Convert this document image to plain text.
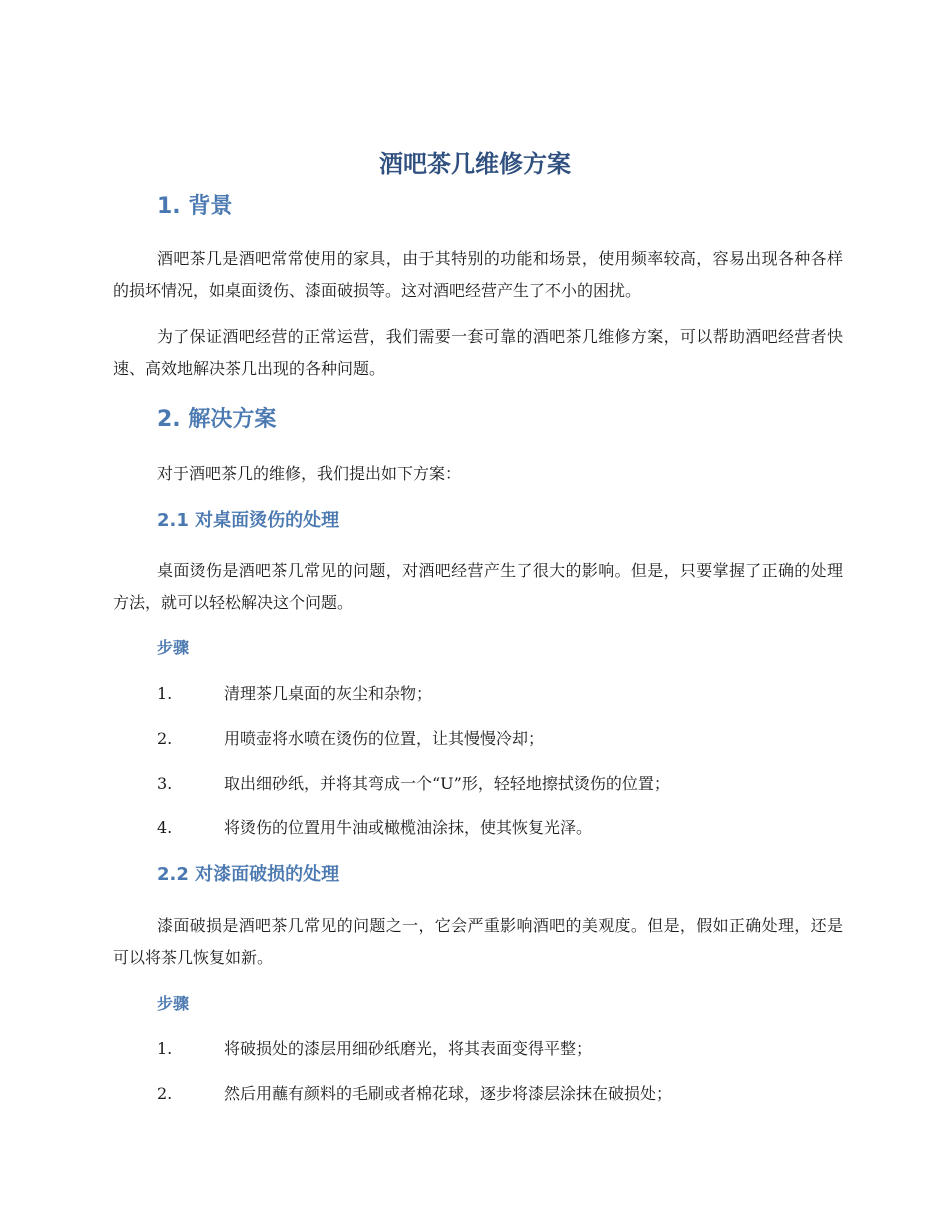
酒吧茶几维修方案
1. 背景
酒吧茶几是酒吧常常使用的家具，由于其特别的功能和场景，使用频率较高，容易出现各种各样的损坏情况，如桌面烫伤、漆面破损等。这对酒吧经营产生了不小的困扰。
为了保证酒吧经营的正常运营，我们需要一套可靠的酒吧茶几维修方案，可以帮助酒吧经营者快速、高效地解决茶几出现的各种问题。
2. 解决方案
对于酒吧茶几的维修，我们提出如下方案：
2.1 对桌面烫伤的处理
桌面烫伤是酒吧茶几常见的问题，对酒吧经营产生了很大的影响。但是，只要掌握了正确的处理方法，就可以轻松解决这个问题。
步骤
1.	清理茶几桌面的灰尘和杂物；
2.	用喷壶将水喷在烫伤的位置，让其慢慢冷却；
3.	取出细砂纸，并将其弯成一个“U”形，轻轻地擦拭烫伤的位置；
4.	将烫伤的位置用牛油或橄榄油涂抹，使其恢复光泽。
2.2 对漆面破损的处理
漆面破损是酒吧茶几常见的问题之一，它会严重影响酒吧的美观度。但是，假如正确处理，还是可以将茶几恢复如新。
步骤
1.	将破损处的漆层用细砂纸磨光，将其表面变得平整；
2.	然后用蘸有颜料的毛刷或者棉花球，逐步将漆层涂抹在破损处；
